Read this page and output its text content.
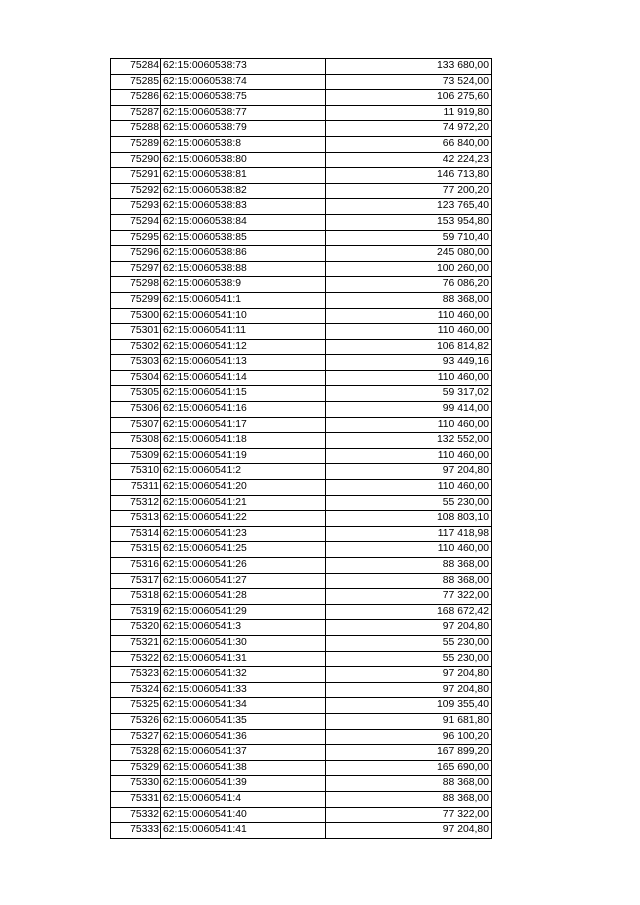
75284	62:15:0060538:73	133 680,00
75285	62:15:0060538:74	73 524,00
75286	62:15:0060538:75	106 275,60
75287	62:15:0060538:77	11 919,80
75288	62:15:0060538:79	74 972,20
75289	62:15:0060538:8	66 840,00
75290	62:15:0060538:80	42 224,23
75291	62:15:0060538:81	146 713,80
75292	62:15:0060538:82	77 200,20
75293	62:15:0060538:83	123 765,40
75294	62:15:0060538:84	153 954,80
75295	62:15:0060538:85	59 710,40
75296	62:15:0060538:86	245 080,00
75297	62:15:0060538:88	100 260,00
75298	62:15:0060538:9	76 086,20
75299	62:15:0060541:1	88 368,00
75300	62:15:0060541:10	110 460,00
75301	62:15:0060541:11	110 460,00
75302	62:15:0060541:12	106 814,82
75303	62:15:0060541:13	93 449,16
75304	62:15:0060541:14	110 460,00
75305	62:15:0060541:15	59 317,02
75306	62:15:0060541:16	99 414,00
75307	62:15:0060541:17	110 460,00
75308	62:15:0060541:18	132 552,00
75309	62:15:0060541:19	110 460,00
75310	62:15:0060541:2	97 204,80
75311	62:15:0060541:20	110 460,00
75312	62:15:0060541:21	55 230,00
75313	62:15:0060541:22	108 803,10
75314	62:15:0060541:23	117 418,98
75315	62:15:0060541:25	110 460,00
75316	62:15:0060541:26	88 368,00
75317	62:15:0060541:27	88 368,00
75318	62:15:0060541:28	77 322,00
75319	62:15:0060541:29	168 672,42
75320	62:15:0060541:3	97 204,80
75321	62:15:0060541:30	55 230,00
75322	62:15:0060541:31	55 230,00
75323	62:15:0060541:32	97 204,80
75324	62:15:0060541:33	97 204,80
75325	62:15:0060541:34	109 355,40
75326	62:15:0060541:35	91 681,80
75327	62:15:0060541:36	96 100,20
75328	62:15:0060541:37	167 899,20
75329	62:15:0060541:38	165 690,00
75330	62:15:0060541:39	88 368,00
75331	62:15:0060541:4	88 368,00
75332	62:15:0060541:40	77 322,00
75333	62:15:0060541:41	97 204,80
